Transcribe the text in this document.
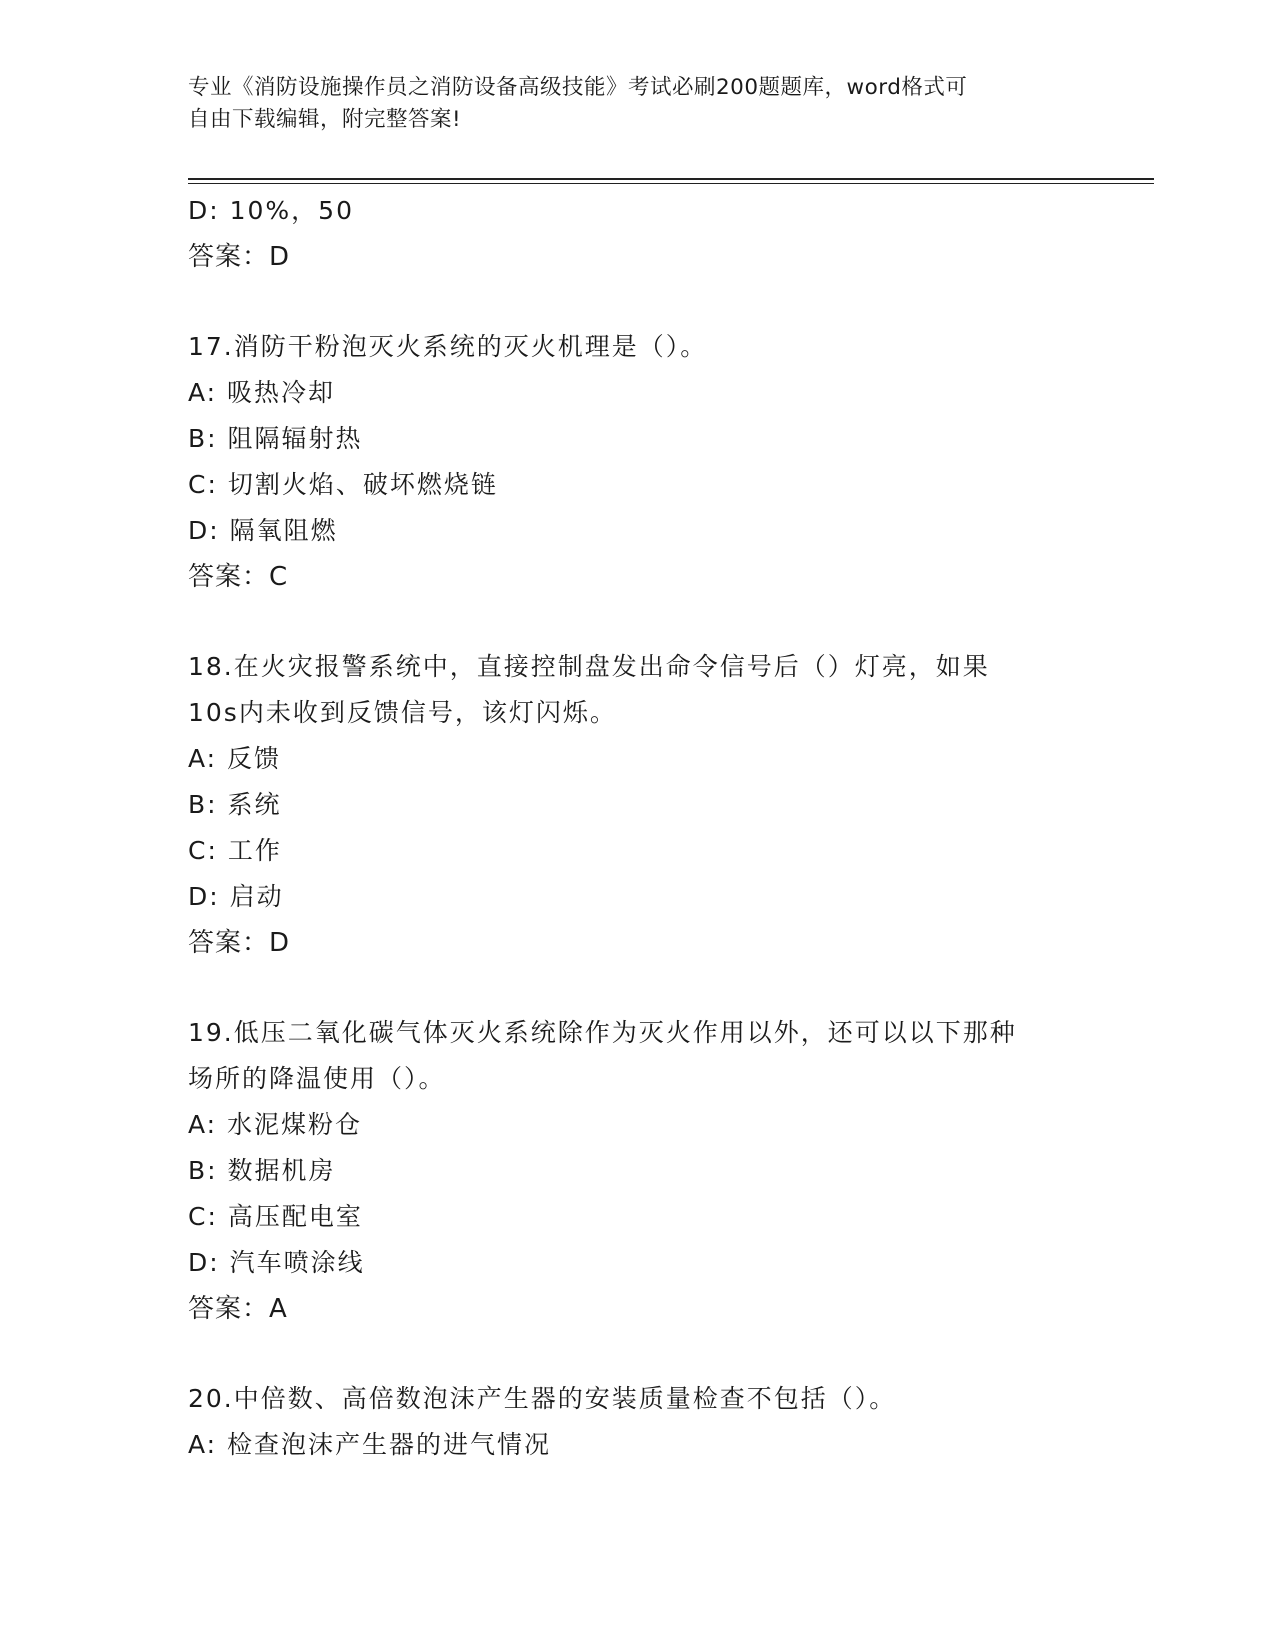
专业《消防设施操作员之消防设备高级技能》考试必刷200题题库，word格式可
自由下载编辑，附完整答案!
D: 10%，50
答案：D
17.消防干粉泡灭火系统的灭火机理是（）。
A: 吸热冷却
B: 阻隔辐射热
C: 切割火焰、破坏燃烧链
D: 隔氧阻燃
答案：C
18.在火灾报警系统中，直接控制盘发出命令信号后（）灯亮，如果
10s内未收到反馈信号，该灯闪烁。
A: 反馈
B: 系统
C: 工作
D: 启动
答案：D
19.低压二氧化碳气体灭火系统除作为灭火作用以外，还可以以下那种
场所的降温使用（）。
A: 水泥煤粉仓
B: 数据机房
C: 高压配电室
D: 汽车喷涂线
答案：A
20.中倍数、高倍数泡沫产生器的安装质量检查不包括（）。
A: 检查泡沫产生器的进气情况
